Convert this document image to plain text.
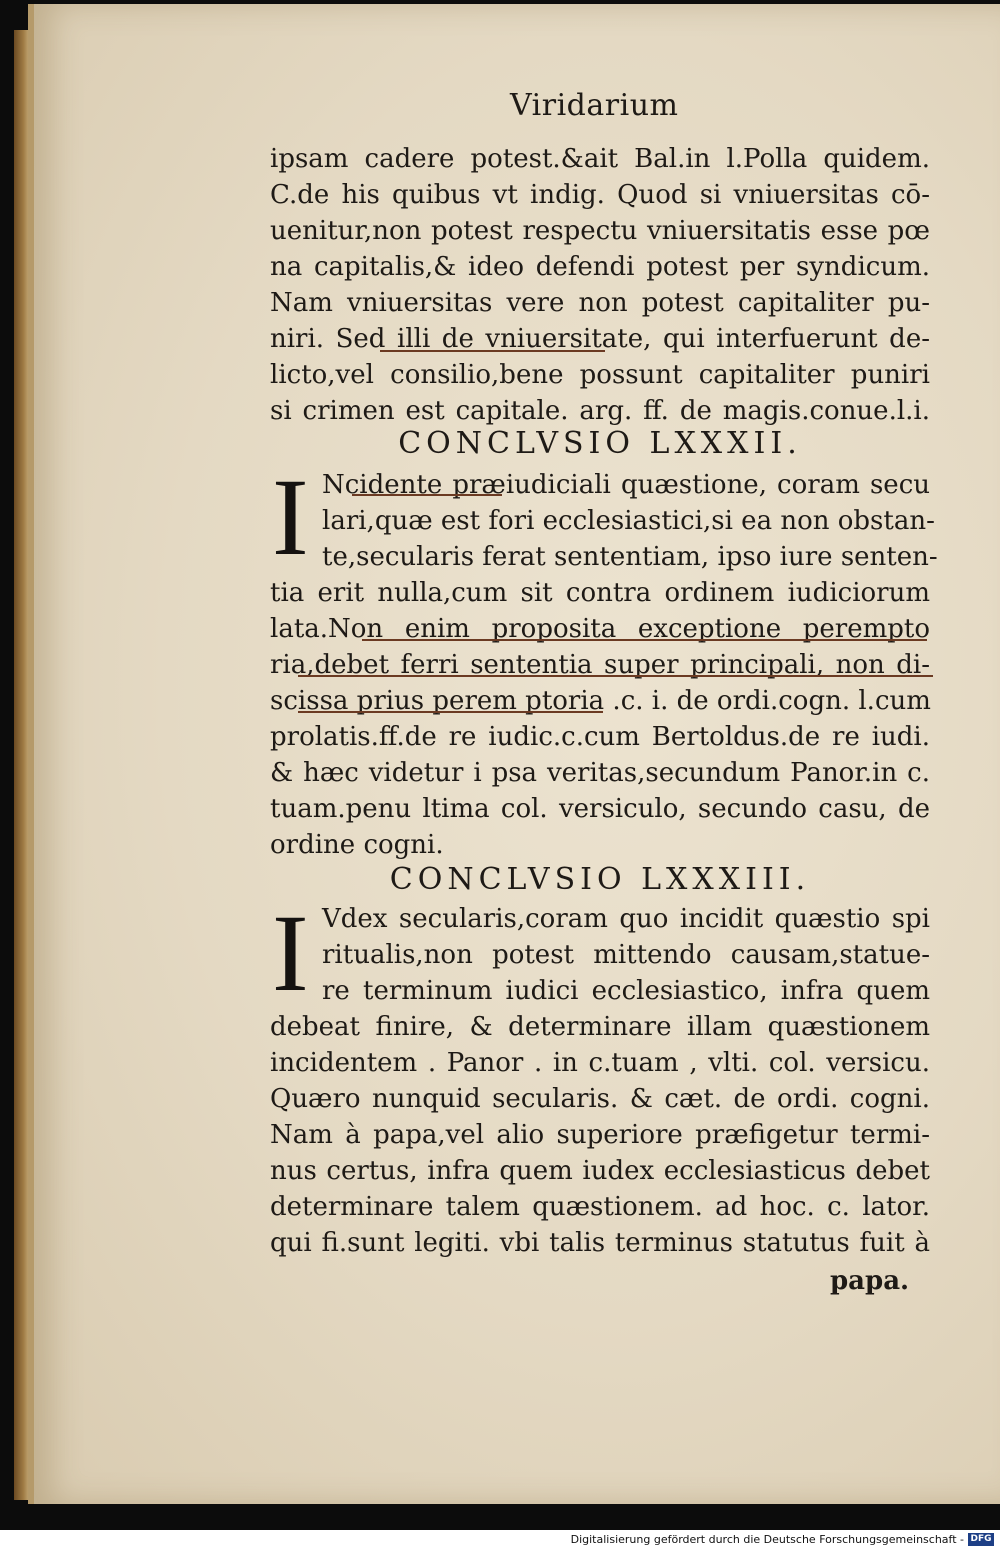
Viridarium
ipsam cadere potest.&ait Bal.in l.Polla quidem.
C.de his quibus vt indig. Quod si vniuersitas cō-
uenitur,non potest respectu vniuersitatis esse pœ
na capitalis,& ideo defendi potest per syndicum.
Nam vniuersitas vere non potest capitaliter pu-
niri. Sed illi de vniuersitate, qui interfuerunt de-
licto,vel consilio,bene possunt capitaliter puniri
si crimen est capitale. arg. ff. de magis.conue.l.i.
CONCLVSIO LXXXII.
I Ncidente præiudiciali quæstione, coram secu
lari,quæ est fori ecclesiastici,si ea non obstan-
te,secularis ferat sententiam, ipso iure senten-
tia erit nulla,cum sit contra ordinem iudiciorum
lata.Non enim proposita exceptione perempto
ria,debet ferri sententia super principali, non di-
scissa prius perem ptoria .c. i. de ordi.cogn. l.cum
prolatis.ff.de re iudic.c.cum Bertoldus.de re iudi.
& hæc videtur i psa veritas,secundum Panor.in c.
tuam.penu ltima col. versiculo, secundo casu, de
ordine cogni.
CONCLVSIO LXXXIII.
I Vdex secularis,coram quo incidit quæstio spi
ritualis,non potest mittendo causam,statue-
re terminum iudici ecclesiastico, infra quem
debeat finire, & determinare illam quæstionem
incidentem . Panor . in c.tuam , vlti. col. versicu.
Quæro nunquid secularis. & cæt. de ordi. cogni.
Nam à papa,vel alio superiore præfigetur termi-
nus certus, infra quem iudex ecclesiasticus debet
determinare talem quæstionem. ad hoc. c. lator.
qui fi.sunt legiti. vbi talis terminus statutus fuit à
papa.
Digitalisierung gefördert durch die Deutsche Forschungsgemeinschaft - DFG
